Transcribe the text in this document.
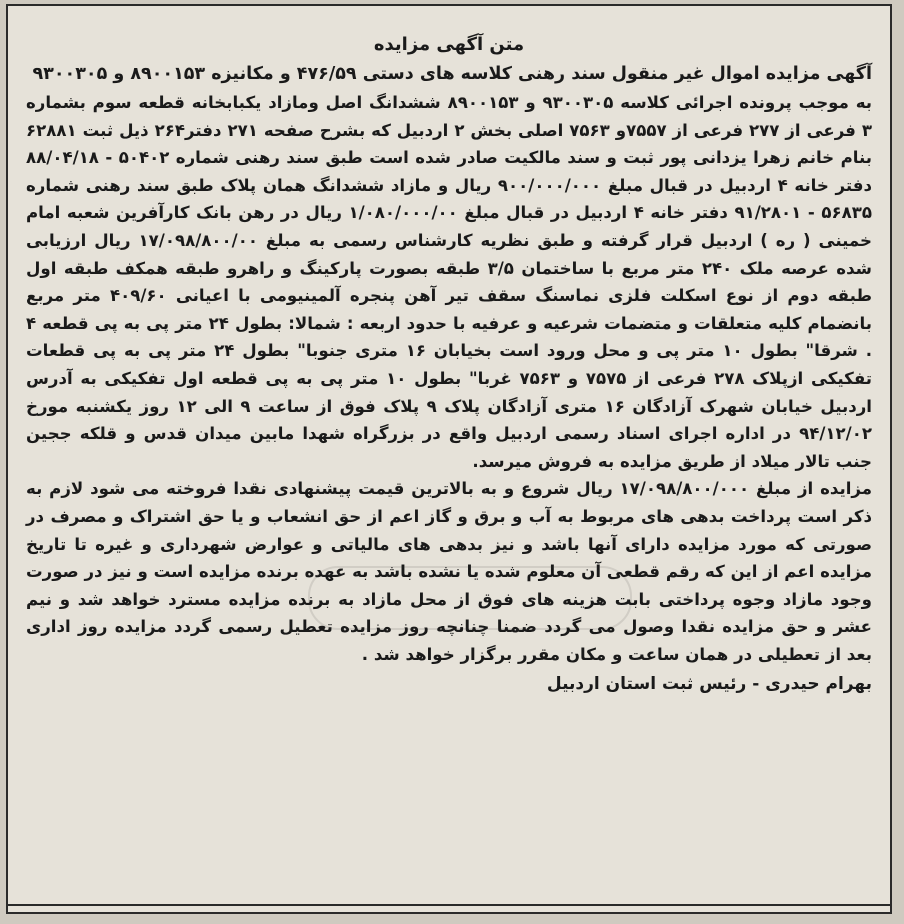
متن آگهی مزایده
آگهی مزایده اموال غیر منقول سند رهنی کلاسه های دستی ۴۷۶/۵۹ و مکانیزه ۸۹۰۰۱۵۳ و ۹۳۰۰۳۰۵

به موجب پرونده اجرائی کلاسه ۹۳۰۰۳۰۵ و ۸۹۰۰۱۵۳ ششدانگ اصل ومازاد یکبابخانه قطعه سوم بشماره ۳ فرعی از ۲۷۷ فرعی از ۷۵۵۷و ۷۵۶۳ اصلی بخش ۲ اردبیل که بشرح صفحه ۲۷۱ دفتر۲۶۴ ذیل ثبت ۶۲۸۸۱ بنام خانم زهرا یزدانی پور ثبت و سند مالکیت صادر شده است طبق سند رهنی شماره ۵۰۴۰۲ - ۸۸/۰۴/۱۸ دفتر خانه ۴ اردبیل در قبال مبلغ ۹۰۰/۰۰۰/۰۰۰ ریال و مازاد ششدانگ همان پلاک طبق سند رهنی شماره ۵۶۸۳۵ - ۹۱/۲۸۰۱ دفتر خانه ۴ اردبیل در قبال مبلغ ۱/۰۸۰/۰۰۰/۰۰ ریال در رهن بانک کارآفرین شعبه امام خمینی ( ره ) اردبیل قرار گرفته و طبق نظریه کارشناس رسمی به مبلغ ۱۷/۰۹۸/۸۰۰/۰۰ ریال ارزیابی شده عرصه ملک ۲۴۰ متر مربع با ساختمان ۳/۵ طبقه بصورت پارکینگ و راهرو طبقه همکف طبقه اول طبقه دوم از نوع اسکلت فلزی نماسنگ سقف تیر آهن پنجره آلمینیومی با اعیانی ۴۰۹/۶۰ متر مربع بانضمام کلیه متعلقات و متضمات شرعیه و عرفیه با حدود اربعه : شمالا: بطول ۲۴ متر پی به پی قطعه ۴ . شرقا" بطول ۱۰ متر پی و محل ورود است بخیابان ۱۶ متری جنوبا" بطول ۲۴ متر پی به پی قطعات تفکیکی ازپلاک ۲۷۸ فرعی از ۷۵۷۵ و ۷۵۶۳ غربا" بطول ۱۰ متر پی به پی قطعه اول تفکیکی به آدرس اردبیل خیابان شهرک آزادگان ۱۶ متری آزادگان پلاک ۹ پلاک فوق از ساعت ۹ الی ۱۲ روز یکشنبه مورخ ۹۴/۱۲/۰۲ در اداره اجرای اسناد رسمی اردبیل واقع در بزرگراه شهدا مابین میدان قدس و قلکه ججین جنب تالار میلاد از طریق مزایده به فروش میرسد.

مزایده از مبلغ ۱۷/۰۹۸/۸۰۰/۰۰۰ ریال شروع و به بالاترین قیمت پیشنهادی نقدا فروخته می شود لازم به ذکر است پرداخت بدهی های مربوط به آب و برق و گاز اعم از حق انشعاب و یا حق اشتراک و مصرف در صورتی که مورد مزایده دارای آنها باشد و نیز بدهی های مالیاتی و عوارض شهرداری و غیره تا تاریخ مزایده اعم از این که رقم قطعی آن معلوم شده یا نشده باشد به عهده برنده مزایده است و نیز در صورت وجود مازاد وجوه پرداختی بابت هزینه های فوق از محل مازاد به برنده مزایده مسترد خواهد شد و نیم عشر و حق مزایده نقدا وصول می گردد ضمنا چنانچه روز مزایده تعطیل رسمی گردد مزایده روز اداری بعد از تعطیلی در همان ساعت و مکان مقرر برگزار خواهد شد .

بهرام حیدری - رئیس ثبت استان اردبیل
